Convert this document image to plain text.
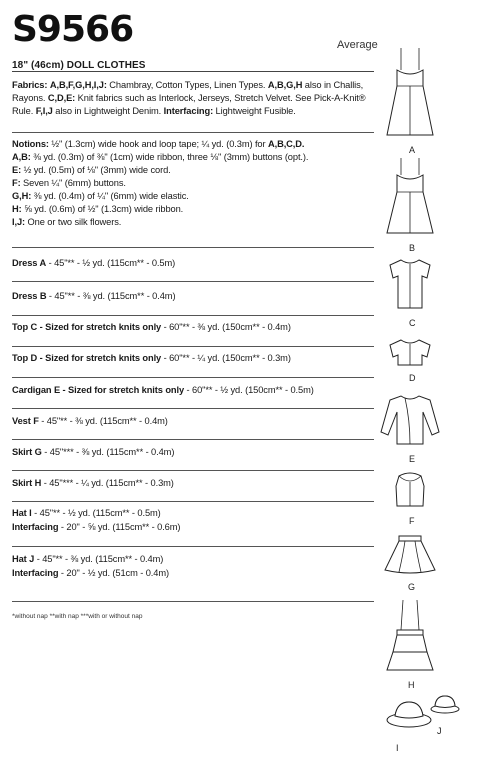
S9566	Average
18" (46cm) DOLL CLOTHES
Fabrics: A,B,F,G,H,I,J: Chambray, Cotton Types, Linen Types. A,B,G,H also in Challis, Rayons. C,D,E: Knit fabrics such as Interlock, Jerseys, Stretch Velvet. See Pick-A-Knit® Rule. F,I,J also in Lightweight Denim. Interfacing: Lightweight Fusible.
Notions: ½" (1.3cm) wide hook and loop tape; ¼ yd. (0.3m) for A,B,C,D.
A,B: ⅜ yd. (0.3m) of ⅜" (1cm) wide ribbon, three ⅛" (3mm) buttons (opt.).
E: ½ yd. (0.5m) of ⅛" (3mm) wide cord.
F: Seven ¼" (6mm) buttons.
G,H: ⅜ yd. (0.4m) of ¼" (6mm) wide elastic.
H: ⅝ yd. (0.6m) of ½" (1.3cm) wide ribbon.
I,J: One or two silk flowers.
Dress A - 45"** - ½ yd. (115cm** - 0.5m)
Dress B - 45"** - ⅜ yd. (115cm** - 0.4m)
Top C - Sized for stretch knits only - 60"** - ⅜ yd. (150cm** - 0.4m)
Top D - Sized for stretch knits only - 60"** - ¼ yd. (150cm** - 0.3m)
Cardigan E - Sized for stretch knits only - 60"** - ½ yd. (150cm** - 0.5m)
Vest F - 45"** - ⅜ yd. (115cm** - 0.4m)
Skirt G - 45"*** - ⅜ yd. (115cm** - 0.4m)
Skirt H - 45"*** - ¼ yd. (115cm** - 0.3m)
Hat I - 45"** - ½ yd. (115cm** - 0.5m)
Interfacing - 20" - ⅝ yd. (115cm** - 0.6m)
Hat J - 45"** - ⅜ yd. (115cm** - 0.4m)
Interfacing - 20" - ½ yd. (51cm - 0.4m)
*without nap **with nap ***with or without nap
A
B
C
D
E
F
G
H
I
J
